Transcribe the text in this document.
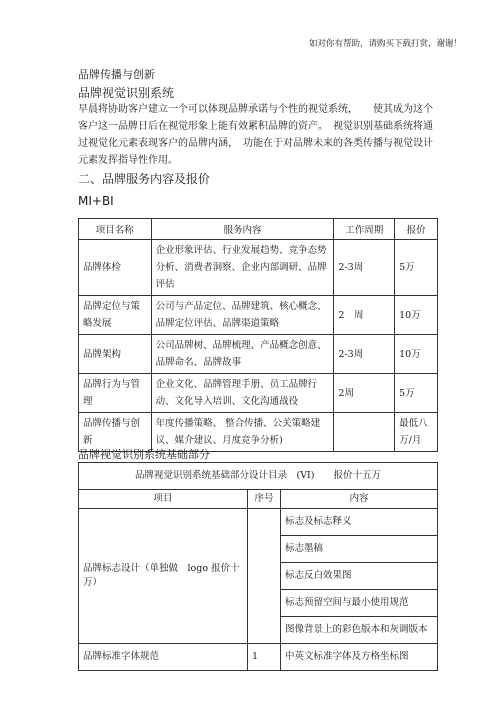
如对你有帮助，请购买下载打赏，谢谢！
品牌传播与创新
品牌视觉识别系统
早晨将协助客户建立一个可以体现品牌承诺与个性的视觉系统，　　使其成为这个客户这一品牌日后在视觉形象上能有效累积品牌的资产。　视觉识别基础系统将通过视觉化元素表现客户的品牌内涵，　功能在于对品牌未来的各类传播与视觉设计元素发挥指导性作用。
二、品牌服务内容及报价
MI+BI
项目名称	服务内容	工作周期	报价
品牌体检	企业形象评估、行业发展趋势、竞争态势分析、消费者洞察、企业内部调研、品牌评估	2-3周	5万
品牌定位与策略发展	公司与产品定位、品牌建筑、核心概念、品牌定位评估、品牌渠道策略	2　周	10万
品牌架构	公司品牌树、品牌梳理、产品概念创意、品牌命名、品牌故事	2-3周	10万
品牌行为与管理	企业文化、品牌管理手册、员工品牌行动、文化导入培训、文化沟通战役	2周	5万
品牌传播与创新	年度传播策略、 整合传播、公关策略建议、媒介建议、月度竞争分析)		最低八万/月
品牌视觉识别系统基础部分
品牌视觉识别系统基础部分设计目录　(VI)　　报价十五万		
项目	序号	内容
品牌标志设计（单独做　logo 报价十万）		标志及标志释义
		标志墨稿
		标志反白效果图
		标志预留空间与最小使用规范
		图像背景上的彩色版本和灰调版本
品牌标准字体规范	1	中英文标准字体及方格坐标图
